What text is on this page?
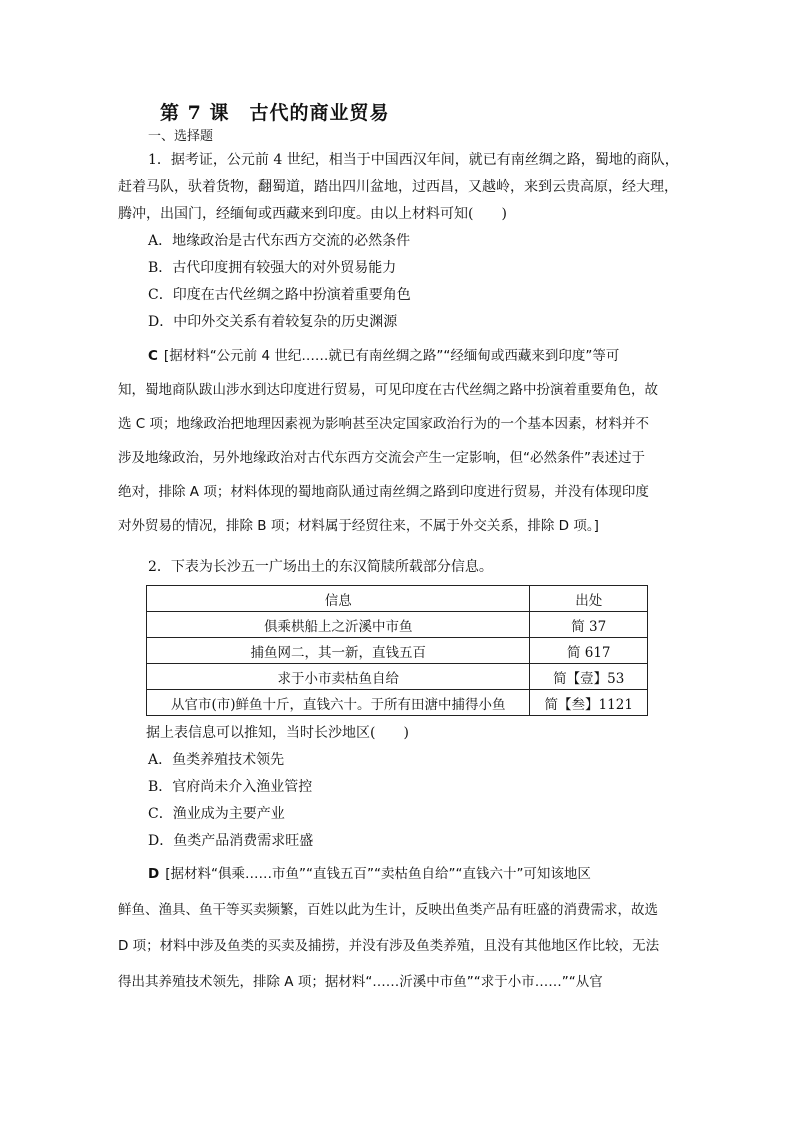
第 7 课　古代的商业贸易
一、选择题
1．据考证，公元前 4 世纪，相当于中国西汉年间，就已有南丝绸之路，蜀地的商队，
赶着马队，驮着货物，翻蜀道，踏出四川盆地，过西昌，又越岭，来到云贵高原，经大理，
腾冲，出国门，经缅甸或西藏来到印度。由以上材料可知(　　)
A．地缘政治是古代东西方交流的必然条件
B．古代印度拥有较强大的对外贸易能力
C．印度在古代丝绸之路中扮演着重要角色
D．中印外交关系有着较复杂的历史渊源
C [据材料“公元前 4 世纪……就已有南丝绸之路”“经缅甸或西藏来到印度”等可
知，蜀地商队跋山涉水到达印度进行贸易，可见印度在古代丝绸之路中扮演着重要角色，故
选 C 项；地缘政治把地理因素视为影响甚至决定国家政治行为的一个基本因素，材料并不
涉及地缘政治，另外地缘政治对古代东西方交流会产生一定影响，但“必然条件”表述过于
绝对，排除 A 项；材料体现的蜀地商队通过南丝绸之路到印度进行贸易，并没有体现印度
对外贸易的情况，排除 B 项；材料属于经贸往来，不属于外交关系，排除 D 项。]
2．下表为长沙五一广场出土的东汉简牍所载部分信息。
信息	出处
俱乘栱船上之沂溪中市鱼	简 37
捕鱼网二，其一新，直钱五百	简 617
求于小市卖枯鱼自给	简【壹】53
从官市(市)鲜鱼十斤，直钱六十。于所有田溏中捕得小鱼	简【叁】1121
据上表信息可以推知，当时长沙地区(　　)
A．鱼类养殖技术领先
B．官府尚未介入渔业管控
C．渔业成为主要产业
D．鱼类产品消费需求旺盛
D [据材料“俱乘……市鱼”“直钱五百”“卖枯鱼自给”“直钱六十”可知该地区
鲜鱼、渔具、鱼干等买卖频繁，百姓以此为生计，反映出鱼类产品有旺盛的消费需求，故选
D 项；材料中涉及鱼类的买卖及捕捞，并没有涉及鱼类养殖，且没有其他地区作比较，无法
得出其养殖技术领先，排除 A 项；据材料“……沂溪中市鱼”“求于小市……”“从官
